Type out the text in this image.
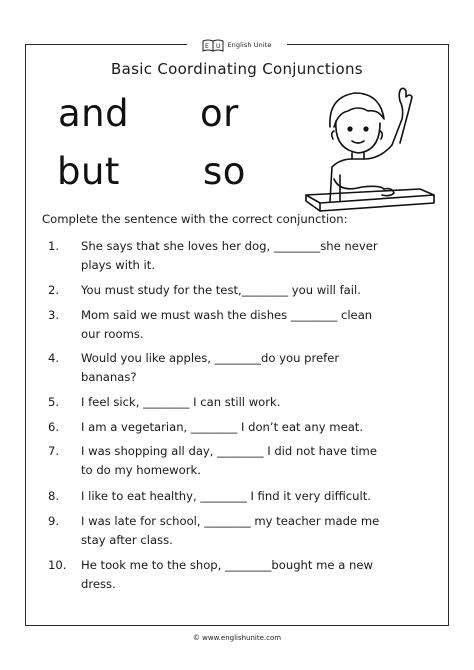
E U English Unite
Basic Coordinating Conjunctions
and or
but so
Complete the sentence with the correct conjunction:
1.	She says that she loves her dog, ________she never
plays with it.
2.	You must study for the test,________ you will fail.
3.	Mom said we must wash the dishes ________ clean
our rooms.
4.	Would you like apples, ________do you prefer
bananas?
5.	I feel sick, ________ I can still work.
6.	I am a vegetarian, ________ I don’t eat any meat.
7.	I was shopping all day, ________ I did not have time
to do my homework.
8.	I like to eat healthy, ________ I find it very difficult.
9.	I was late for school, ________ my teacher made me
stay after class.
10.	He took me to the shop, ________bought me a new
dress.
© www.englishunite.com
